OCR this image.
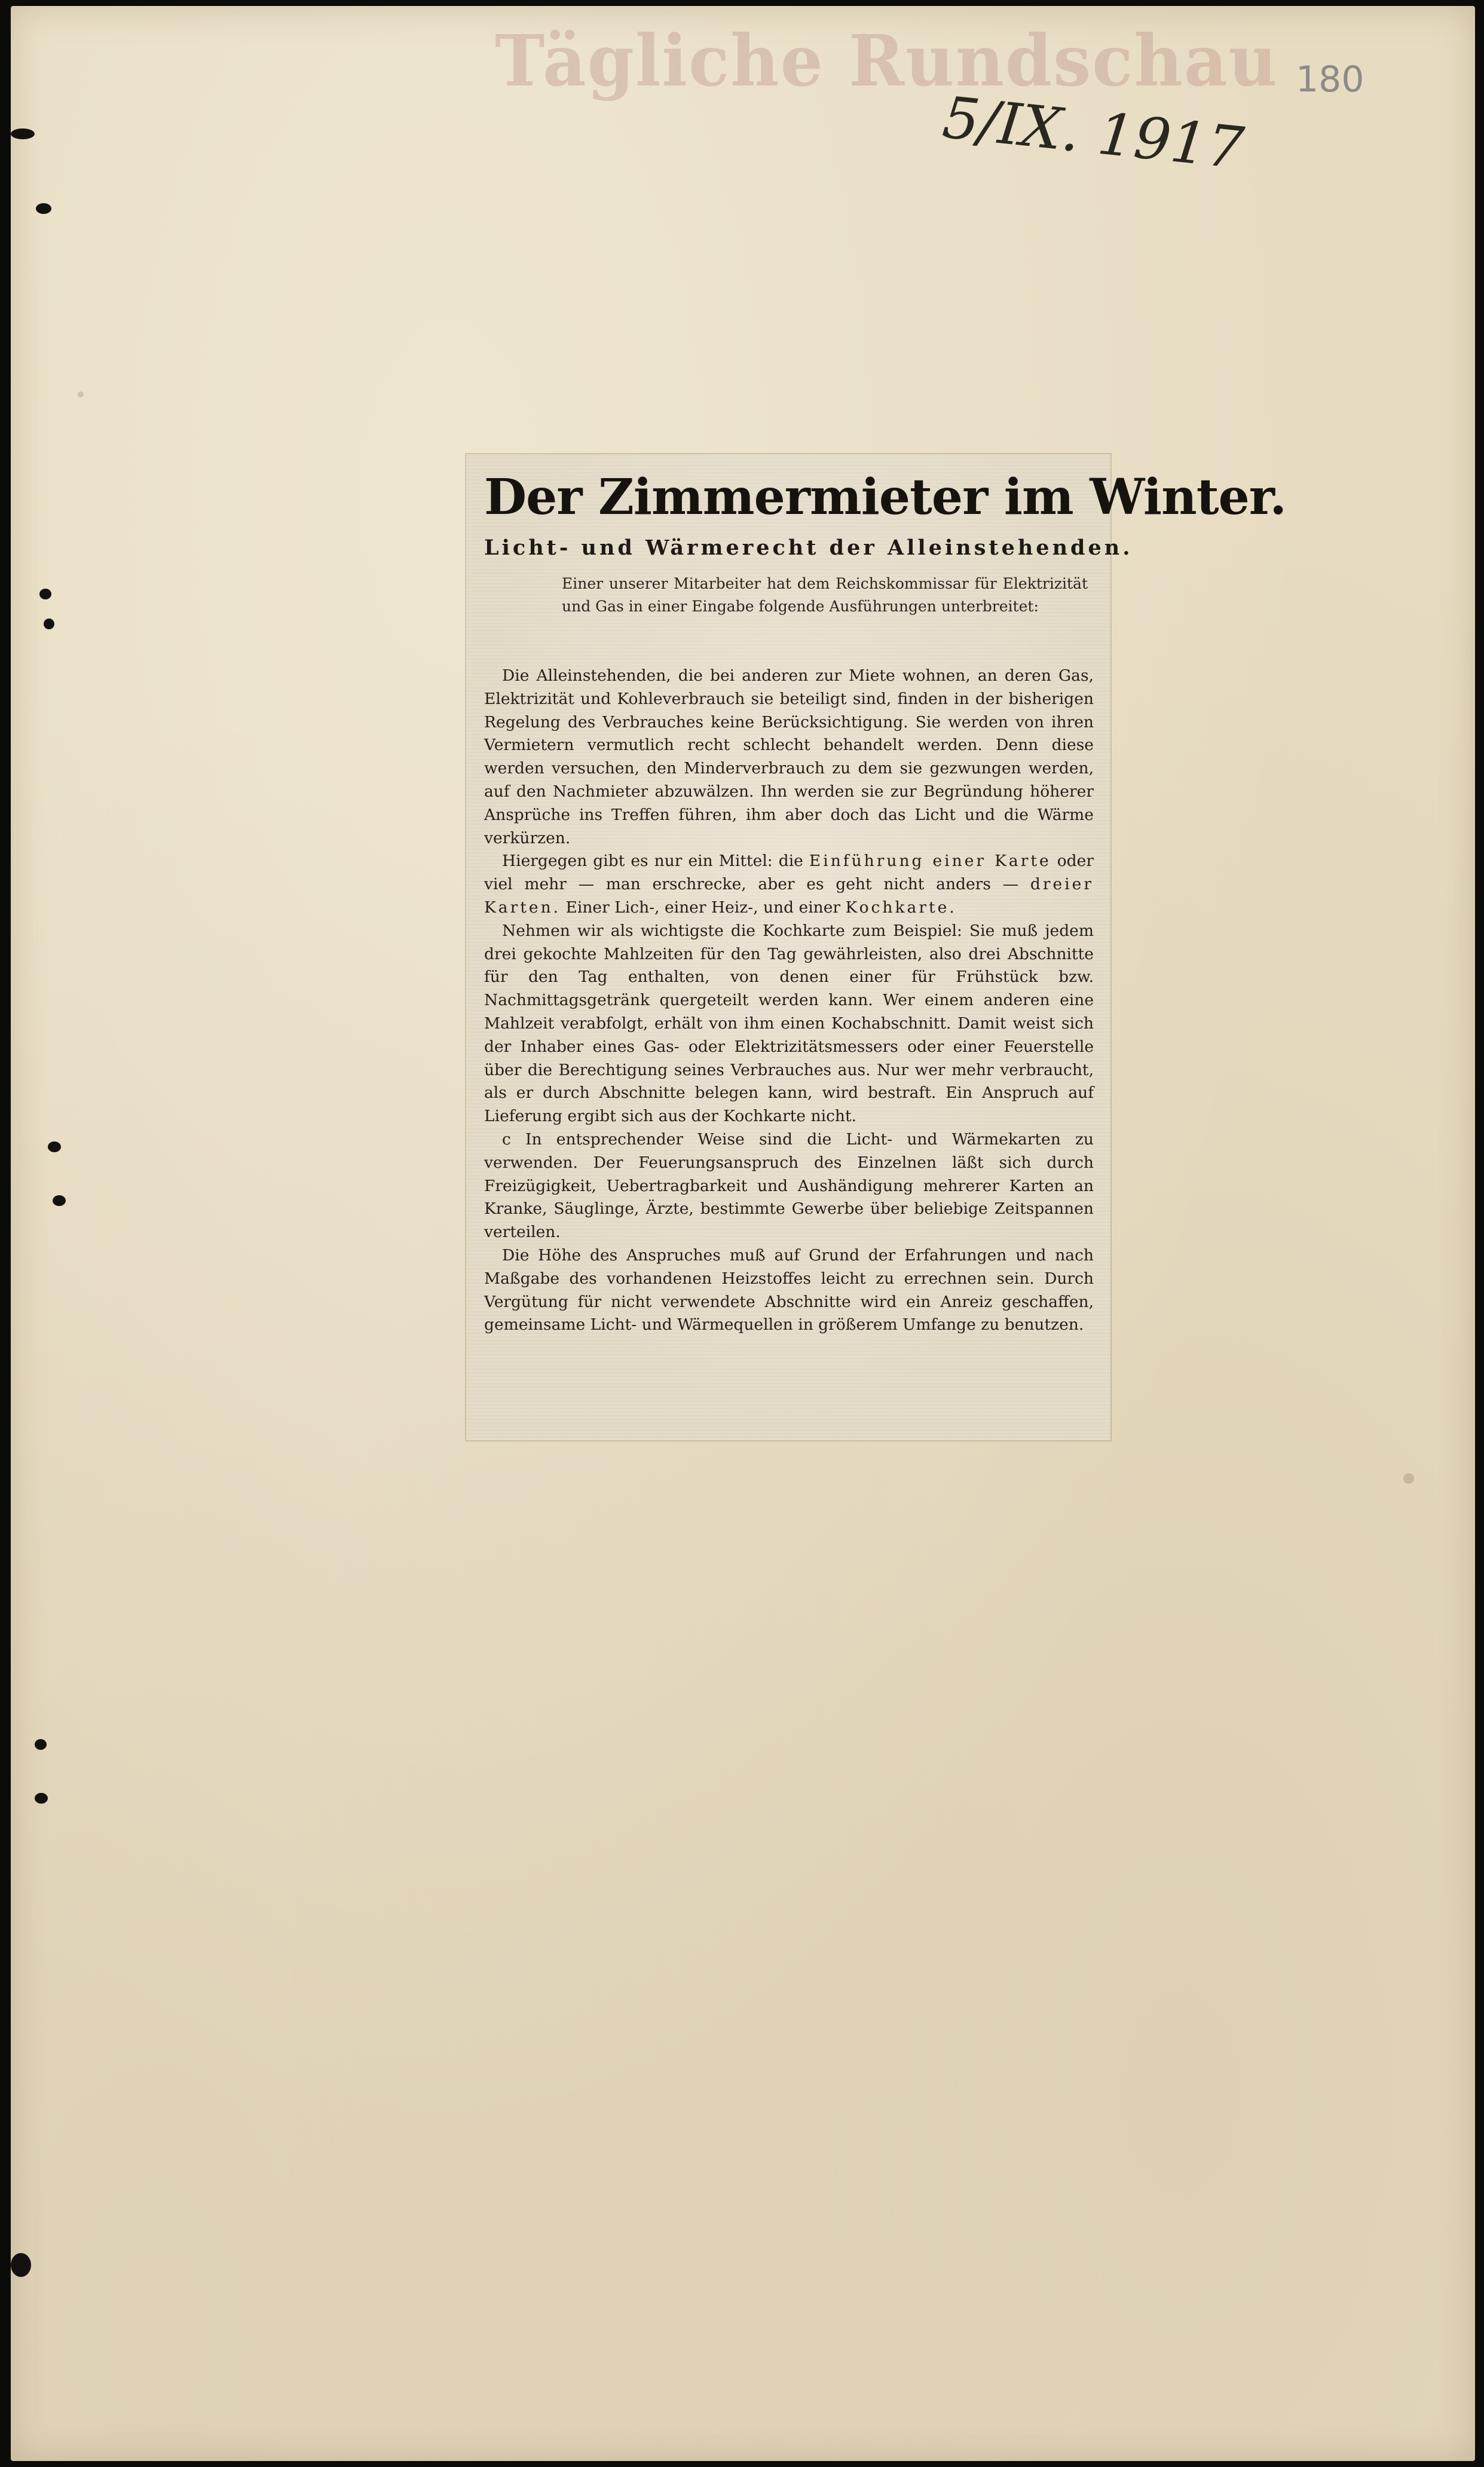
Tägliche Rundschau 180
5/IX. 1917
Der Zimmermieter im Winter.
Licht- und Wärmerecht der Alleinstehenden.
Einer unserer Mitarbeiter hat dem Reichskommissar für Elektrizität und Gas in einer Eingabe folgende Ausführungen unterbreitet:

Die Alleinstehenden, die bei anderen zur Miete wohnen, an deren Gas, Elektrizität und Kohleverbrauch sie beteiligt sind, finden in der bisherigen Regelung des Verbrauches keine Berücksichtigung. Sie werden von ihren Vermietern vermutlich recht schlecht behandelt werden. Denn diese werden versuchen, den Minderverbrauch zu dem sie gezwungen werden, auf den Nachmieter abzuwälzen. Ihn werden sie zur Begründung höherer Ansprüche ins Treffen führen, ihm aber doch das Licht und die Wärme verkürzen.

Hiergegen gibt es nur ein Mittel: die Einführung einer Karte oder viel mehr — man erschrecke, aber es geht nicht anders — dreier Karten. Einer Lich-, einer Heiz-, und einer Kochkarte.

Nehmen wir als wichtigste die Kochkarte zum Beispiel: Sie muß jedem drei gekochte Mahlzeiten für den Tag gewährleisten, also drei Abschnitte für den Tag enthalten, von denen einer für Frühstück bzw. Nachmittagsgetränk quergeteilt werden kann. Wer einem anderen eine Mahlzeit verabfolgt, erhält von ihm einen Kochabschnitt. Damit weist sich der Inhaber eines Gas- oder Elektrizitätsmessers oder einer Feuerstelle über die Berechtigung seines Verbrauches aus. Nur wer mehr verbraucht, als er durch Abschnitte belegen kann, wird bestraft. Ein Anspruch auf Lieferung ergibt sich aus der Kochkarte nicht.

c In entsprechender Weise sind die Licht- und Wärmekarten zu verwenden. Der Feuerungsanspruch des Einzelnen läßt sich durch Freizügigkeit, Uebertragbarkeit und Aushändigung mehrerer Karten an Kranke, Säuglinge, Ärzte, bestimmte Gewerbe über beliebige Zeitspannen verteilen.

Die Höhe des Anspruches muß auf Grund der Erfahrungen und nach Maßgabe des vorhandenen Heizstoffes leicht zu errechnen sein. Durch Vergütung für nicht verwendete Abschnitte wird ein Anreiz geschaffen, gemeinsame Licht- und Wärmequellen in größerem Umfange zu benutzen.
